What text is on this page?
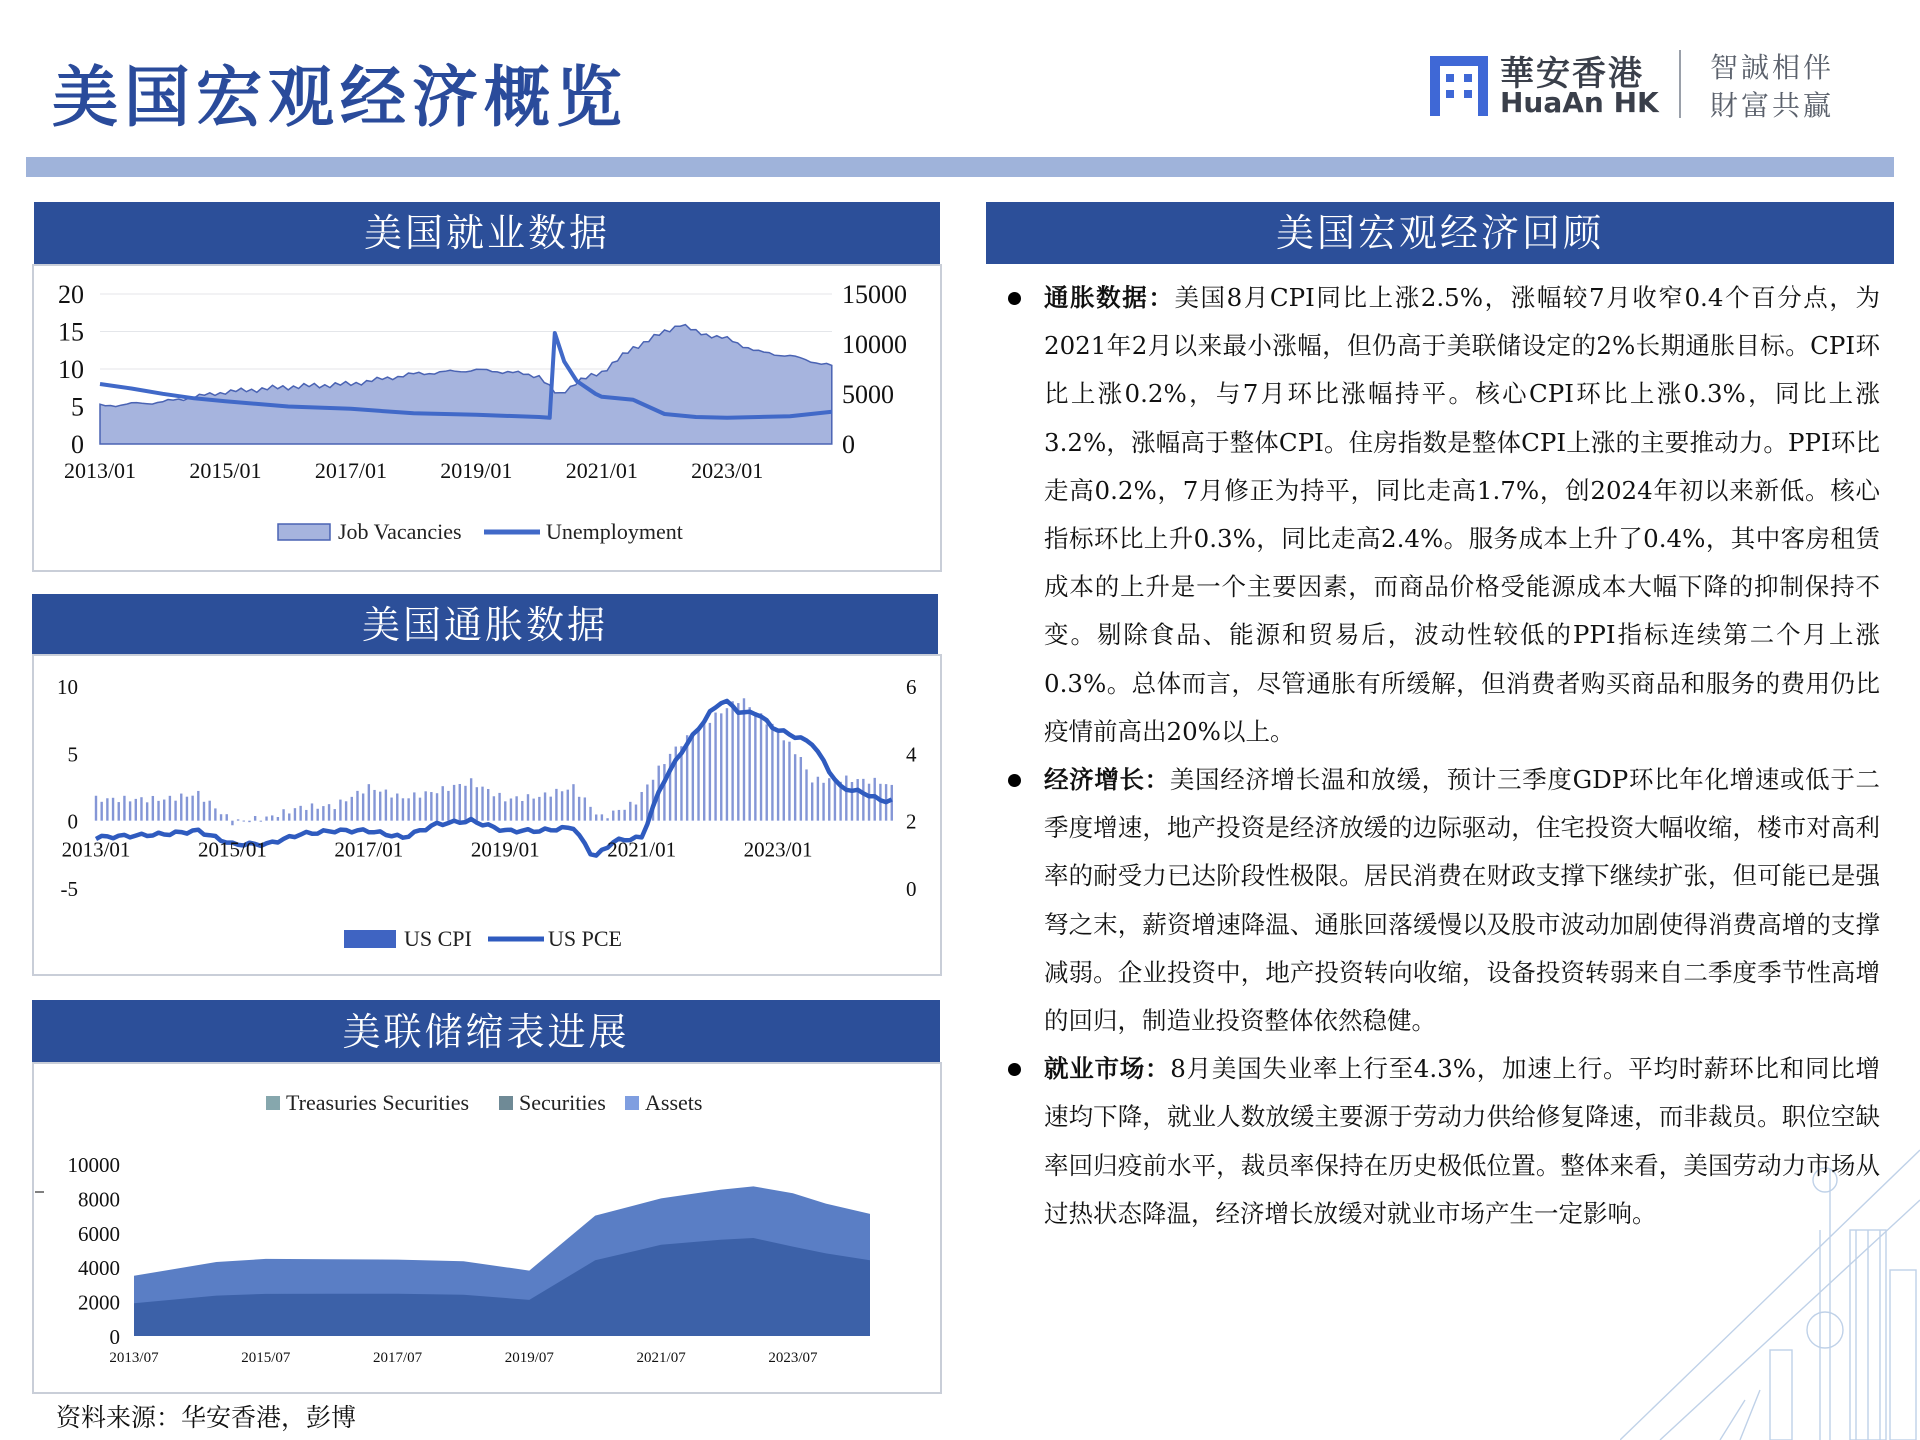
美国宏观经济概览	華安香港
HuaAn HK
智誠相伴
財富共贏
美国就业数据
0
5
10
15
20
0
5000
10000
15000
2013/01 2015/01 2017/01 2019/01 2021/01 2023/01
Job Vacancies	Unemployment
美国通胀数据
-5
0
5
10
0
2
4
6
2013/01	2015/01	2017/01	2019/01	2021/01	2023/01
US CPI	US PCE
美联储缩表进展
Treasuries Securities Securities Assets
0
2000
4000
6000
8000
10000
2013/07	2015/07	2017/07	2019/07	2021/07	2023/07
资料来源：华安香港，彭博
美国宏观经济回顾
通胀数据：美国8月CPI同比上涨2.5%，涨幅较7月收窄0.4个百分点，为2021年2月以来最小涨幅，但仍高于美联储设定的2%长期通胀目标。CPI环比上涨0.2%，与7月环比涨幅持平。核心CPI环比上涨0.3%，同比上涨3.2%，涨幅高于整体CPI。住房指数是整体CPI上涨的主要推动力。PPI环比走高0.2%，7月修正为持平，同比走高1.7%，创2024年初以来新低。核心指标环比上升0.3%，同比走高2.4%。服务成本上升了0.4%，其中客房租赁成本的上升是一个主要因素，而商品价格受能源成本大幅下降的抑制保持不变。剔除食品、能源和贸易后，波动性较低的PPI指标连续第二个月上涨0.3%。总体而言，尽管通胀有所缓解，但消费者购买商品和服务的费用仍比疫情前高出20%以上。
经济增长：美国经济增长温和放缓，预计三季度GDP环比年化增速或低于二季度增速，地产投资是经济放缓的边际驱动，住宅投资大幅收缩，楼市对高利率的耐受力已达阶段性极限。居民消费在财政支撑下继续扩张，但可能已是强弩之末，薪资增速降温、通胀回落缓慢以及股市波动加剧使得消费高增的支撑减弱。企业投资中，地产投资转向收缩，设备投资转弱来自二季度季节性高增的回归，制造业投资整体依然稳健。
就业市场：8月美国失业率上行至4.3%，加速上行。平均时薪环比和同比增速均下降，就业人数放缓主要源于劳动力供给修复降速，而非裁员。职位空缺率回归疫前水平，裁员率保持在历史极低位置。整体来看，美国劳动力市场从过热状态降温，经济增长放缓对就业市场产生一定影响。
